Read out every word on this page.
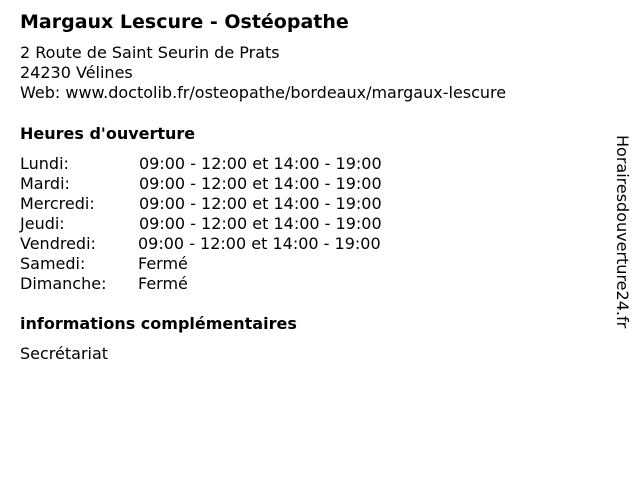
Margaux Lescure - Ostéopathe
2 Route de Saint Seurin de Prats
24230 Vélines
Web: www.doctolib.fr/osteopathe/bordeaux/margaux-lescure
Heures d'ouverture
Lundi:	09:00 - 12:00 et 14:00 - 19:00
Mardi:	09:00 - 12:00 et 14:00 - 19:00
Mercredi:	09:00 - 12:00 et 14:00 - 19:00
Jeudi:	09:00 - 12:00 et 14:00 - 19:00
Vendredi:	09:00 - 12:00 et 14:00 - 19:00
Samedi:	Fermé
Dimanche: Fermé
informations complémentaires
Secrétariat
Horairesdouverture24.fr
